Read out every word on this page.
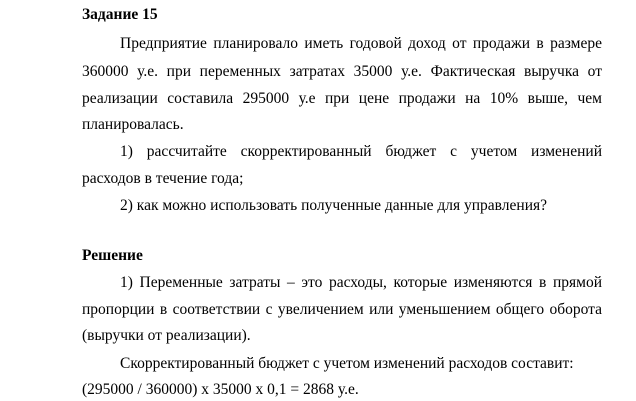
Задание 15
Предприятие планировало иметь годовой доход от продажи в размере
360000 у.е. при переменных затратах 35000 у.е. Фактическая выручка от
реализации составила 295000 у.е при цене продажи на 10% выше, чем
планировалась.
1) рассчитайте скорректированный бюджет с учетом изменений
расходов в течение года;
2) как можно использовать полученные данные для управления?
Решение
1) Переменные затраты – это расходы, которые изменяются в прямой
пропорции в соответствии с увеличением или уменьшением общего оборота
(выручки от реализации).
Скорректированный бюджет с учетом изменений расходов составит:
(295000 / 360000) х 35000 х 0,1 = 2868 у.е.
